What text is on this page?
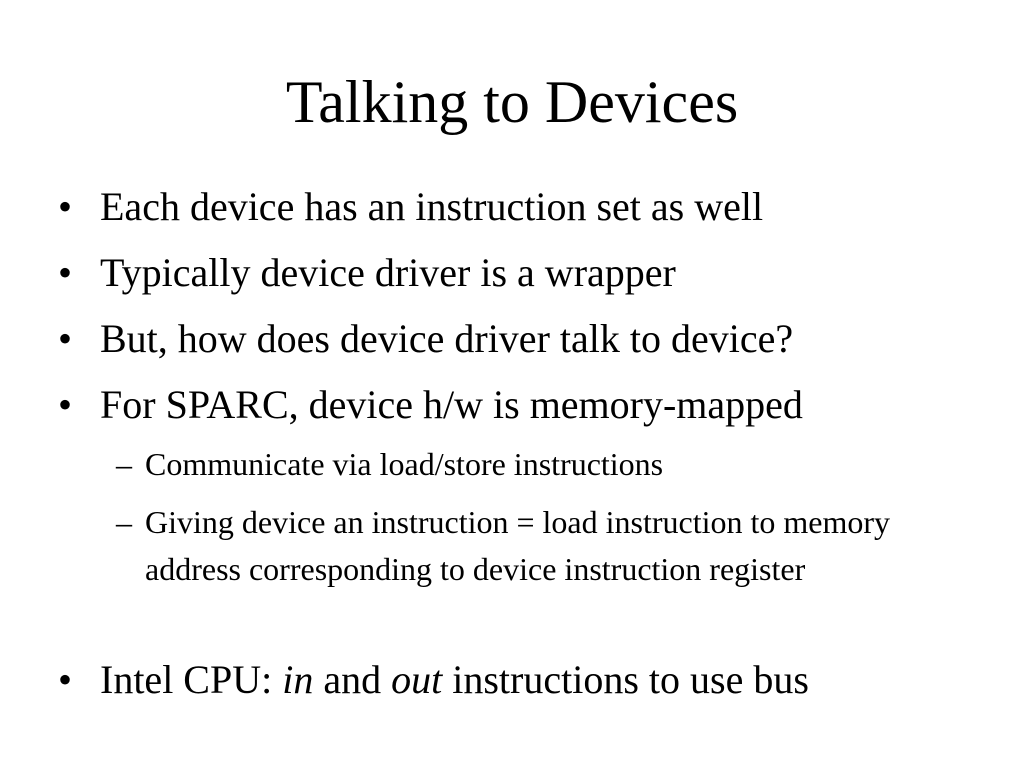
Talking to Devices
• Each device has an instruction set as well
• Typically device driver is a wrapper
• But, how does device driver talk to device?
• For SPARC, device h/w is memory-mapped
– Communicate via load/store instructions
– Giving device an instruction = load instruction to memory address corresponding to device instruction register
• Intel CPU: in and out instructions to use bus
